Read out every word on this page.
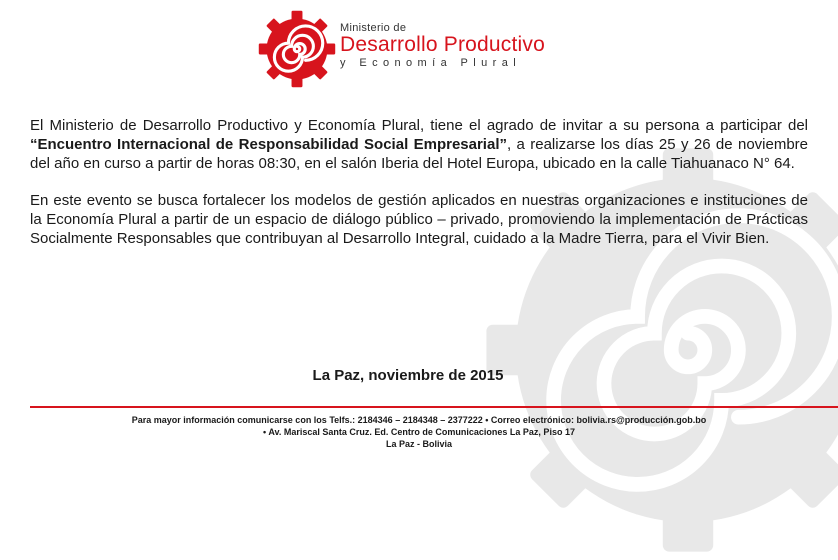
Ministerio de
Desarrollo Productivo
y Economía Plural

El Ministerio de Desarrollo Productivo y Economía Plural, tiene el agrado de invitar a su persona a participar del “Encuentro Internacional de Responsabilidad Social Empresarial”, a realizarse los días 25 y 26 de noviembre del año en curso a partir de horas 08:30, en el salón Iberia del Hotel Europa, ubicado en la calle Tiahuanaco N° 64.

En este evento se busca fortalecer los modelos de gestión aplicados en nuestras organizaciones e instituciones de la Economía Plural a partir de un espacio de diálogo público – privado, promoviendo la implementación de Prácticas Socialmente Responsables que contribuyan al Desarrollo Integral, cuidado a la Madre Tierra, para el Vivir Bien.

La Paz, noviembre de 2015
Para mayor información comunicarse con los Telfs.: 2184346 – 2184348 – 2377222 • Correo electrónico: bolivia.rs@producción.gob.bo
• Av. Mariscal Santa Cruz. Ed. Centro de Comunicaciones La Paz, Piso 17
La Paz - Bolivia
